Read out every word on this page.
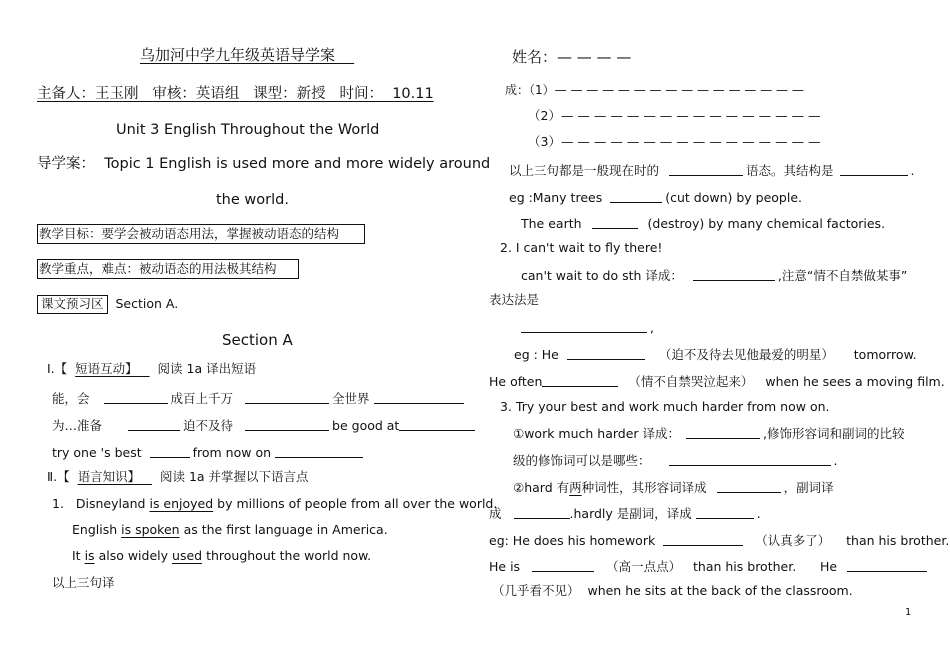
乌加河中学九年级英语导学案
主备人：王玉刚 审核：英语组 课型：新授 时间： 10.11
Unit 3 English Throughout the World
导学案： Topic 1 English is used more and more widely around
the world.
教学目标：要学会被动语态用法，掌握被动语态的结构
教学重点，难点：被动语态的用法极其结构
课文预习区 Section A.
Section A
Ⅰ.【 短语互动】 阅读 1a 译出短语
能，会	成百上千万	全世界
为…准备	迫不及待	be good at
try one 's best	from now on
Ⅱ.【 语言知识】 阅读 1a 并掌握以下语言点
1. Disneyland is enjoyed by millions of people from all over the world.
English is spoken as the first language in America.
It is also widely used throughout the world now.
以上三句译
姓名：— — — —
成：（1）— — — — — — — — — — — — — — — —
（2）— — — — — — — — — — — — — — — —
（3）— — — — — — — — — — — — — — — —
以上三句都是一般现在时的	语态。其结构是	.
eg :Many trees	(cut down) by people.
The earth	(destroy) by many chemical factories.
2. I can't wait to fly there!
can't wait to do sth 译成：	,注意“情不自禁做某事”
表达法是
,
eg : He	（迫不及待去见他最爱的明星） tomorrow.
He often	（情不自禁哭泣起来） when he sees a moving film.
3. Try your best and work much harder from now on.
①work much harder 译成：	,修饰形容词和副词的比较
级的修饰词可以是哪些：	.
②hard 有两种词性，其形容词译成	，副词译
成	.hardly 是副词，译成	.
eg: He does his homework	（认真多了） than his brother.
He is	（高一点点） than his brother. He
（几乎看不见） when he sits at the back of the classroom.
1
